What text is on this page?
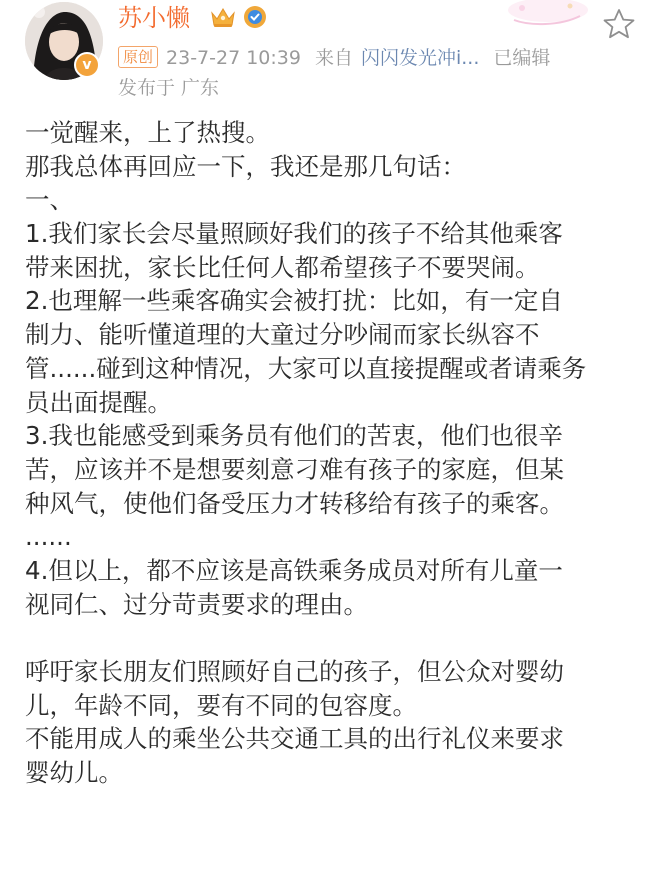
v
苏小懒
原创 23-7-27 10:39 来自 闪闪发光冲i... 已编辑
发布于 广东
一觉醒来，上了热搜。
那我总体再回应一下，我还是那几句话：
一、
1.我们家长会尽量照顾好我们的孩子不给其他乘客
带来困扰，家长比任何人都希望孩子不要哭闹。
2.也理解一些乘客确实会被打扰：比如，有一定自
制力、能听懂道理的大童过分吵闹而家长纵容不
管......碰到这种情况，大家可以直接提醒或者请乘务
员出面提醒。
3.我也能感受到乘务员有他们的苦衷，他们也很辛
苦，应该并不是想要刻意刁难有孩子的家庭，但某
种风气，使他们备受压力才转移给有孩子的乘客。
......
4.但以上，都不应该是高铁乘务成员对所有儿童一
视同仁、过分苛责要求的理由。
呼吁家长朋友们照顾好自己的孩子，但公众对婴幼
儿，年龄不同，要有不同的包容度。
不能用成人的乘坐公共交通工具的出行礼仪来要求
婴幼儿。
